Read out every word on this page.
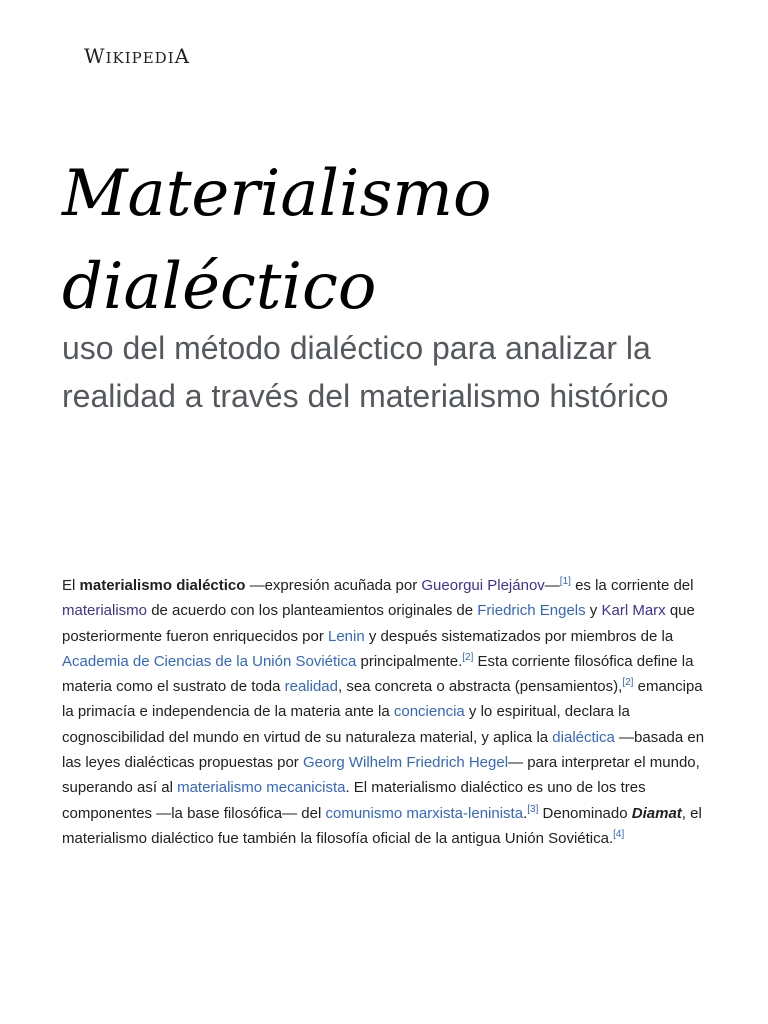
WIKIPEDIA
Materialismo dialéctico

uso del método dialéctico para analizar la realidad a través del materialismo histórico

El materialismo dialéctico —expresión acuñada por Gueorgui Plejánov—[1] es la corriente del materialismo de acuerdo con los planteamientos originales de Friedrich Engels y Karl Marx que posteriormente fueron enriquecidos por Lenin y después sistematizados por miembros de la Academia de Ciencias de la Unión Soviética principalmente.[2] Esta corriente filosófica define la materia como el sustrato de toda realidad, sea concreta o abstracta (pensamientos),[2] emancipa la primacía e independencia de la materia ante la conciencia y lo espiritual, declara la cognoscibilidad del mundo en virtud de su naturaleza material, y aplica la dialéctica —basada en las leyes dialécticas propuestas por Georg Wilhelm Friedrich Hegel— para interpretar el mundo, superando así al materialismo mecanicista. El materialismo dialéctico es uno de los tres componentes —la base filosófica— del comunismo marxista-leninista.[3] Denominado Diamat, el materialismo dialéctico fue también la filosofía oficial de la antigua Unión Soviética.[4]
